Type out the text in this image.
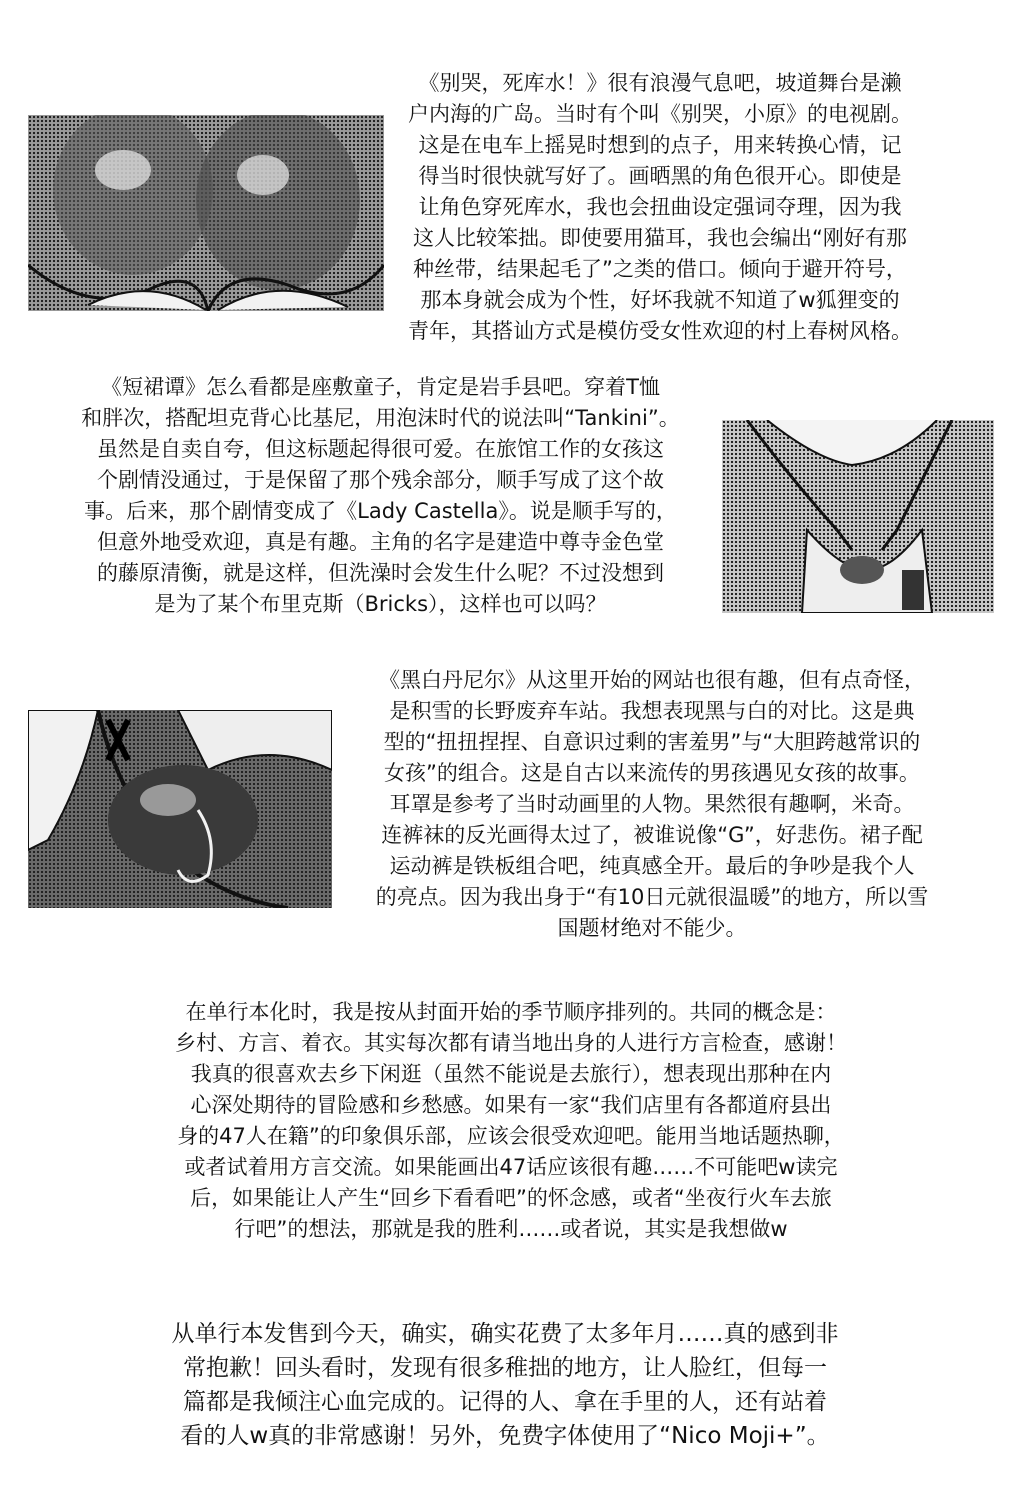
《别哭，死库水！》很有浪漫气息吧，坡道舞台是濑
户内海的广岛。当时有个叫《别哭，小原》的电视剧。
这是在电车上摇晃时想到的点子，用来转换心情，记
得当时很快就写好了。画晒黑的角色很开心。即使是
让角色穿死库水，我也会扭曲设定强词夺理，因为我
这人比较笨拙。即使要用猫耳，我也会编出“刚好有那
种丝带，结果起毛了”之类的借口。倾向于避开符号，
那本身就会成为个性，好坏我就不知道了w狐狸变的
青年，其搭讪方式是模仿受女性欢迎的村上春树风格。
《短裙谭》怎么看都是座敷童子，肯定是岩手县吧。穿着T恤
和胖次，搭配坦克背心比基尼，用泡沫时代的说法叫“Tankini”。
虽然是自卖自夸，但这标题起得很可爱。在旅馆工作的女孩这
个剧情没通过，于是保留了那个残余部分，顺手写成了这个故
事。后来，那个剧情变成了《Lady Castella》。说是顺手写的，
但意外地受欢迎，真是有趣。主角的名字是建造中尊寺金色堂
的藤原清衡，就是这样，但洗澡时会发生什么呢？不过没想到
是为了某个布里克斯（Bricks），这样也可以吗？
《黑白丹尼尔》从这里开始的网站也很有趣，但有点奇怪，
是积雪的长野废弃车站。我想表现黑与白的对比。这是典
型的“扭扭捏捏、自意识过剩的害羞男”与“大胆跨越常识的
女孩”的组合。这是自古以来流传的男孩遇见女孩的故事。
耳罩是参考了当时动画里的人物。果然很有趣啊，米奇。
连裤袜的反光画得太过了，被谁说像“G”，好悲伤。裙子配
运动裤是铁板组合吧，纯真感全开。最后的争吵是我个人
的亮点。因为我出身于“有10日元就很温暖”的地方，所以雪
国题材绝对不能少。
在单行本化时，我是按从封面开始的季节顺序排列的。共同的概念是：
乡村、方言、着衣。其实每次都有请当地出身的人进行方言检查，感谢！
我真的很喜欢去乡下闲逛（虽然不能说是去旅行），想表现出那种在内
心深处期待的冒险感和乡愁感。如果有一家“我们店里有各都道府县出
身的47人在籍”的印象俱乐部，应该会很受欢迎吧。能用当地话题热聊，
或者试着用方言交流。如果能画出47话应该很有趣……不可能吧w读完
后，如果能让人产生“回乡下看看吧”的怀念感，或者“坐夜行火车去旅
行吧”的想法，那就是我的胜利……或者说，其实是我想做w
从单行本发售到今天，确实，确实花费了太多年月……真的感到非
常抱歉！回头看时，发现有很多稚拙的地方，让人脸红，但每一
篇都是我倾注心血完成的。记得的人、拿在手里的人，还有站着
看的人w真的非常感谢！另外，免费字体使用了“Nico Moji+”。
